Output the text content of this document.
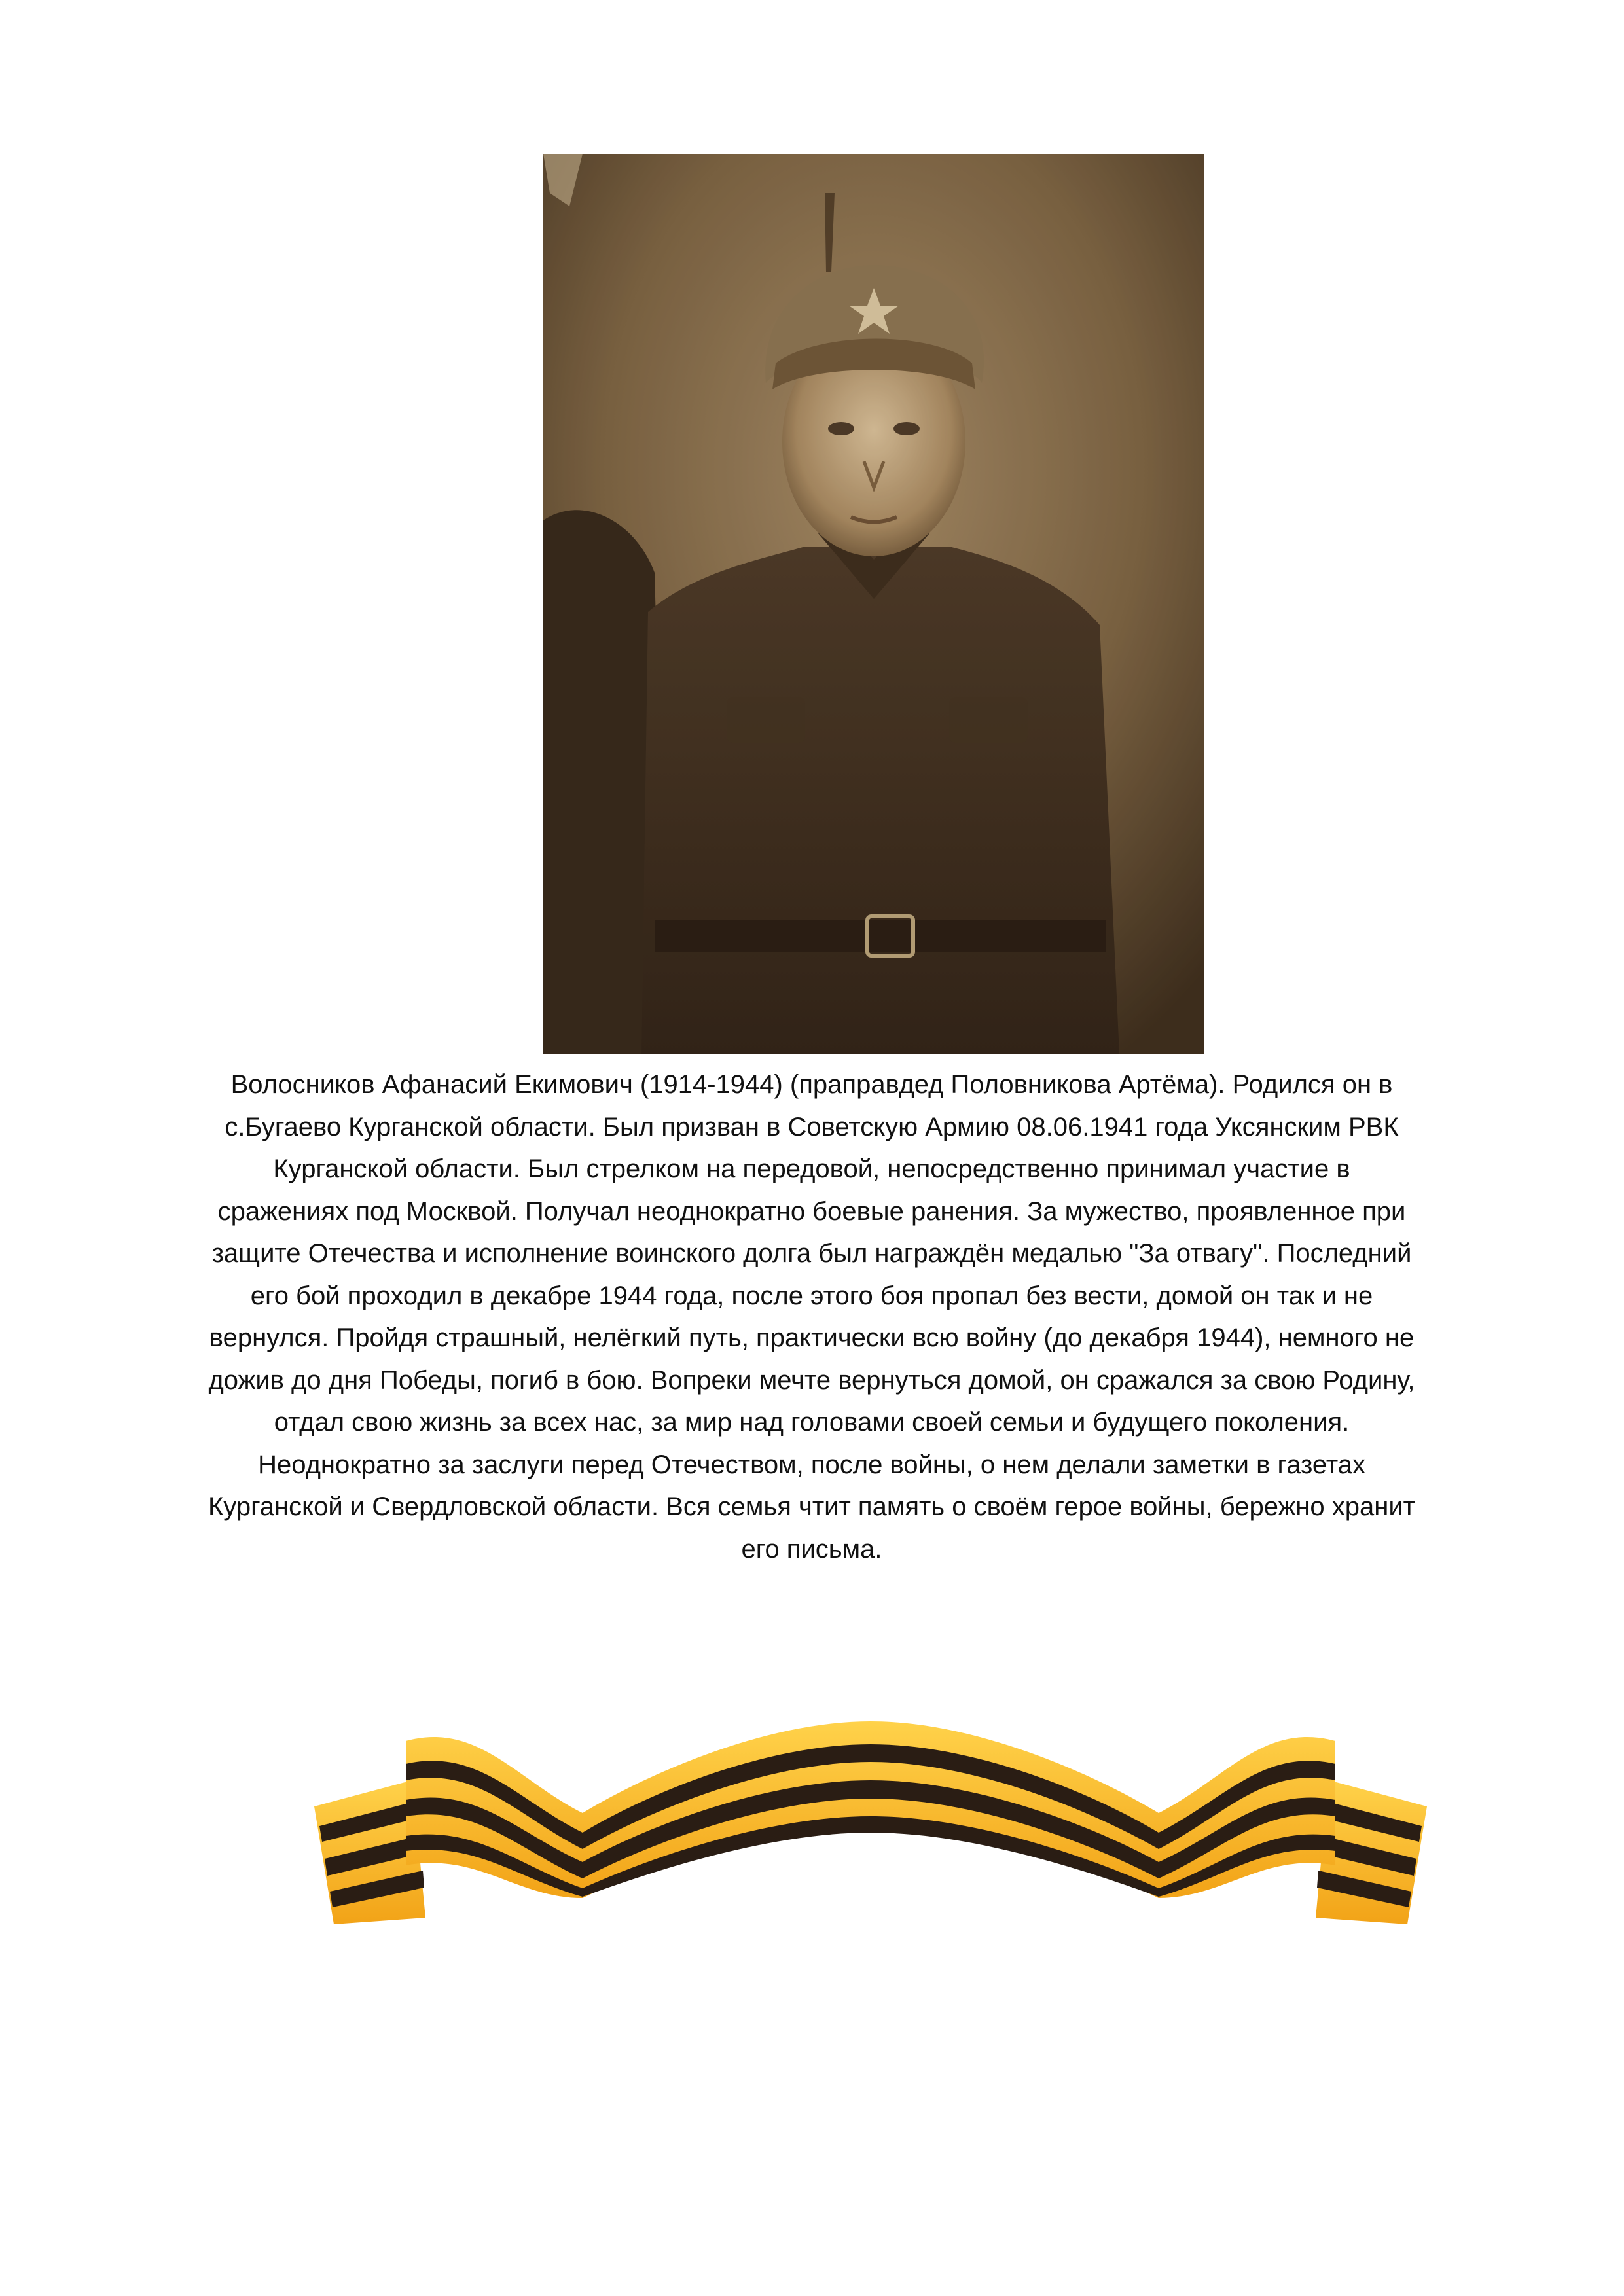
Волосников Афанасий Екимович (1914-1944) (праправдед Половникова Артёма). Родился он в
с.Бугаево Курганской области. Был призван в Советскую Армию 08.06.1941 года Уксянским РВК
Курганской области. Был стрелком на передовой, непосредственно принимал участие в
сражениях под Москвой. Получал неоднократно боевые ранения. За мужество, проявленное при
защите Отечества и исполнение воинского долга был награждён медалью "За отвагу". Последний
его бой проходил в декабре 1944 года, после этого боя пропал без вести, домой он так и не
вернулся. Пройдя страшный, нелёгкий путь, практически всю войну (до декабря 1944), немного не
дожив до дня Победы, погиб в бою. Вопреки мечте вернуться домой, он сражался за свою Родину,
отдал свою жизнь за всех нас, за мир над головами своей семьи и будущего поколения.
Неоднократно за заслуги перед Отечеством, после войны, о нем делали заметки в газетах
Курганской и Свердловской области. Вся семья чтит память о своём герое войны, бережно хранит
его письма.
